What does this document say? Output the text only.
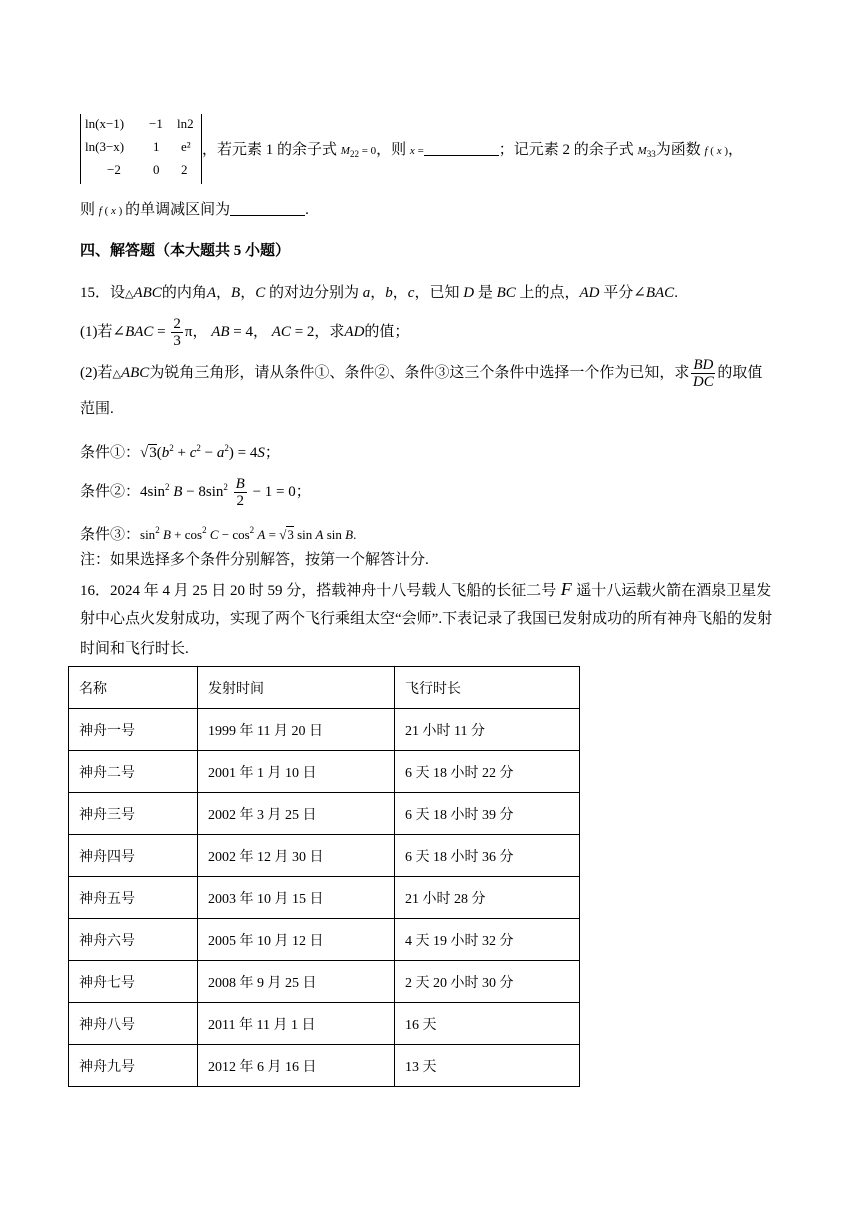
ln(x−1) −1 ln2
ln(3−x) 1 e²
−2 0 2
，若元素 1 的余子式 $M_{22} = 0$，则 x =	；记元素 2 的余子式 $M_{33}$为函数 f ( x )，
则 f ( x ) 的单调减区间为	.
四、解答题（本大题共 5 小题）
15．设△ABC的内角A，B，C 的对边分别为 a，b，c，已知 D 是 BC 上的点，AD 平分∠BAC.
(1)若∠BAC = $\frac{2}{3}$ π， AB = 4， AC = 2，求AD的值；
(2)若△ABC为锐角三角形，请从条件①、条件②、条件③这三个条件中选择一个作为已知，求 $\frac{BD}{DC}$ 的取值
范围.
条件①：$√3(b^2 + c^2 - a^2) = 4S$；
条件②：$4\sin^2$ $B - 8\sin^2 \frac{B}{2} - 1 = 0$；
条件③：$\sin^2 B + \cos^2 C - \cos^2 A = √3$ sin A sin B.
注：如果选择多个条件分别解答，按第一个解答计分.
16．2024 年 4 月 25 日 20 时 59 分，搭载神舟十八号载人飞船的长征二号 F 遥十八运载火箭在酒泉卫星发
射中心点火发射成功，实现了两个飞行乘组太空“会师”.下表记录了我国已发射成功的所有神舟飞船的发射
时间和飞行时长.
名称	发射时间	飞行时长
神舟一号	1999 年 11 月 20 日	21 小时 11 分
神舟二号	2001 年 1 月 10 日	6 天 18 小时 22 分
神舟三号	2002 年 3 月 25 日	6 天 18 小时 39 分
神舟四号	2002 年 12 月 30 日	6 天 18 小时 36 分
神舟五号	2003 年 10 月 15 日	21 小时 28 分
神舟六号	2005 年 10 月 12 日	4 天 19 小时 32 分
神舟七号	2008 年 9 月 25 日	2 天 20 小时 30 分
神舟八号	2011 年 11 月 1 日	16 天
神舟九号	2012 年 6 月 16 日	13 天
